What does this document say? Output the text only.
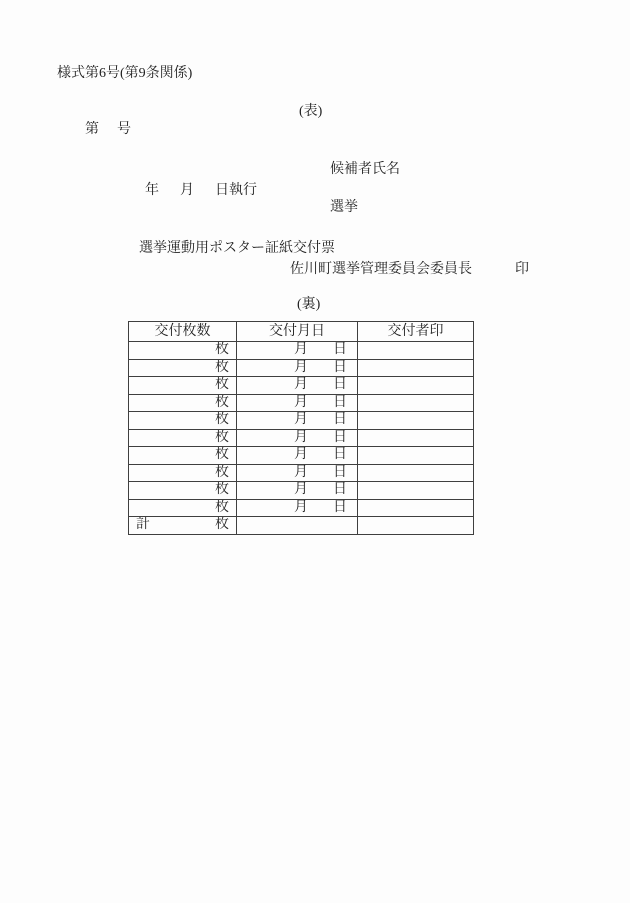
様式第6号(第9条関係)
(表)
第 号
候補者氏名
年 月 日執行
選挙
選挙運動用ポスター証紙交付票
佐川町選挙管理委員会委員長	印
(裏)
交付枚数	交付月日	交付者印
枚	月 日	
枚	月 日	
枚	月 日	
枚	月 日	
枚	月 日	
枚	月 日	
枚	月 日	
枚	月 日	
枚	月 日	
枚	月 日	

計 枚		
